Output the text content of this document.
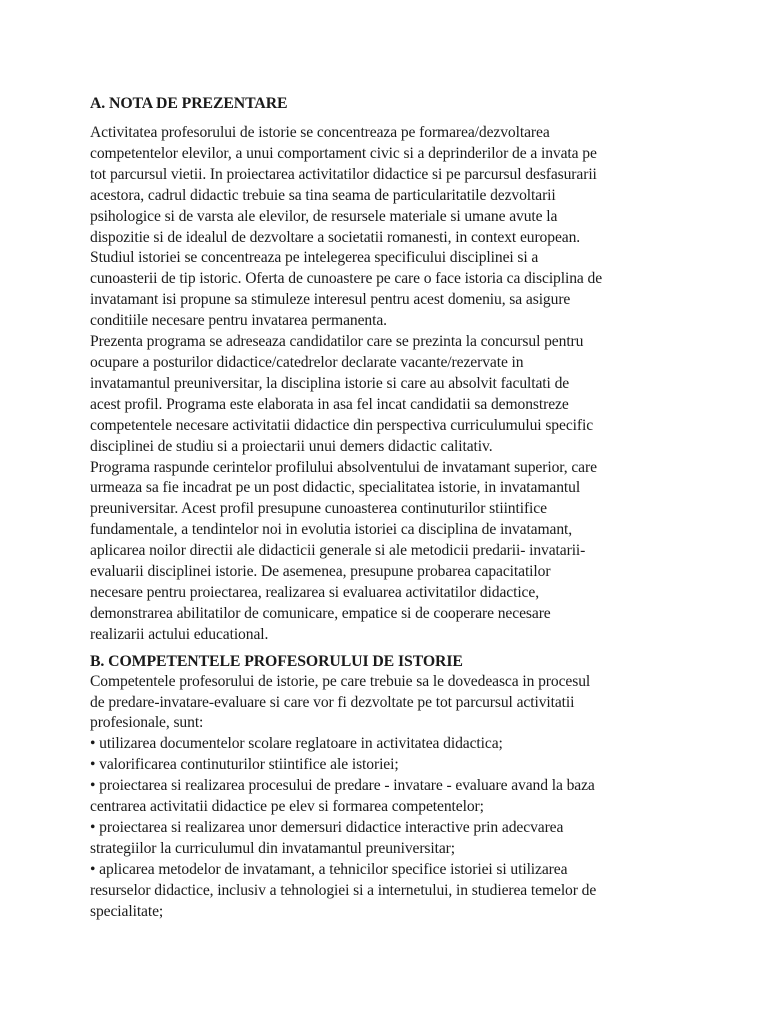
A. NOTA DE PREZENTARE

Activitatea profesorului de istorie se concentreaza pe formarea/dezvoltarea
competentelor elevilor, a unui comportament civic si a deprinderilor de a invata pe
tot parcursul vietii. In proiectarea activitatilor didactice si pe parcursul desfasurarii
acestora, cadrul didactic trebuie sa tina seama de particularitatile dezvoltarii
psihologice si de varsta ale elevilor, de resursele materiale si umane avute la
dispozitie si de idealul de dezvoltare a societatii romanesti, in context european.
Studiul istoriei se concentreaza pe intelegerea specificului disciplinei si a
cunoasterii de tip istoric. Oferta de cunoastere pe care o face istoria ca disciplina de
invatamant isi propune sa stimuleze interesul pentru acest domeniu, sa asigure
conditiile necesare pentru invatarea permanenta.

Prezenta programa se adreseaza candidatilor care se prezinta la concursul pentru
ocupare a posturilor didactice/catedrelor declarate vacante/rezervate in
invatamantul preuniversitar, la disciplina istorie si care au absolvit facultati de
acest profil. Programa este elaborata in asa fel incat candidatii sa demonstreze
competentele necesare activitatii didactice din perspectiva curriculumului specific
disciplinei de studiu si a proiectarii unui demers didactic calitativ.

Programa raspunde cerintelor profilului absolventului de invatamant superior, care
urmeaza sa fie incadrat pe un post didactic, specialitatea istorie, in invatamantul
preuniversitar. Acest profil presupune cunoasterea continuturilor stiintifice
fundamentale, a tendintelor noi in evolutia istoriei ca disciplina de invatamant,
aplicarea noilor directii ale didacticii generale si ale metodicii predarii- invatarii-
evaluarii disciplinei istorie. De asemenea, presupune probarea capacitatilor
necesare pentru proiectarea, realizarea si evaluarea activitatilor didactice,
demonstrarea abilitatilor de comunicare, empatice si de cooperare necesare
realizarii actului educational.

B. COMPETENTELE PROFESORULUI DE ISTORIE

Competentele profesorului de istorie, pe care trebuie sa le dovedeasca in procesul
de predare-invatare-evaluare si care vor fi dezvoltate pe tot parcursul activitatii
profesionale, sunt:

• utilizarea documentelor scolare reglatoare in activitatea didactica;
• valorificarea continuturilor stiintifice ale istoriei;
• proiectarea si realizarea procesului de predare - invatare - evaluare avand la baza
centrarea activitatii didactice pe elev si formarea competentelor;
• proiectarea si realizarea unor demersuri didactice interactive prin adecvarea
strategiilor la curriculumul din invatamantul preuniversitar;
• aplicarea metodelor de invatamant, a tehnicilor specifice istoriei si utilizarea
resurselor didactice, inclusiv a tehnologiei si a internetului, in studierea temelor de
specialitate;
